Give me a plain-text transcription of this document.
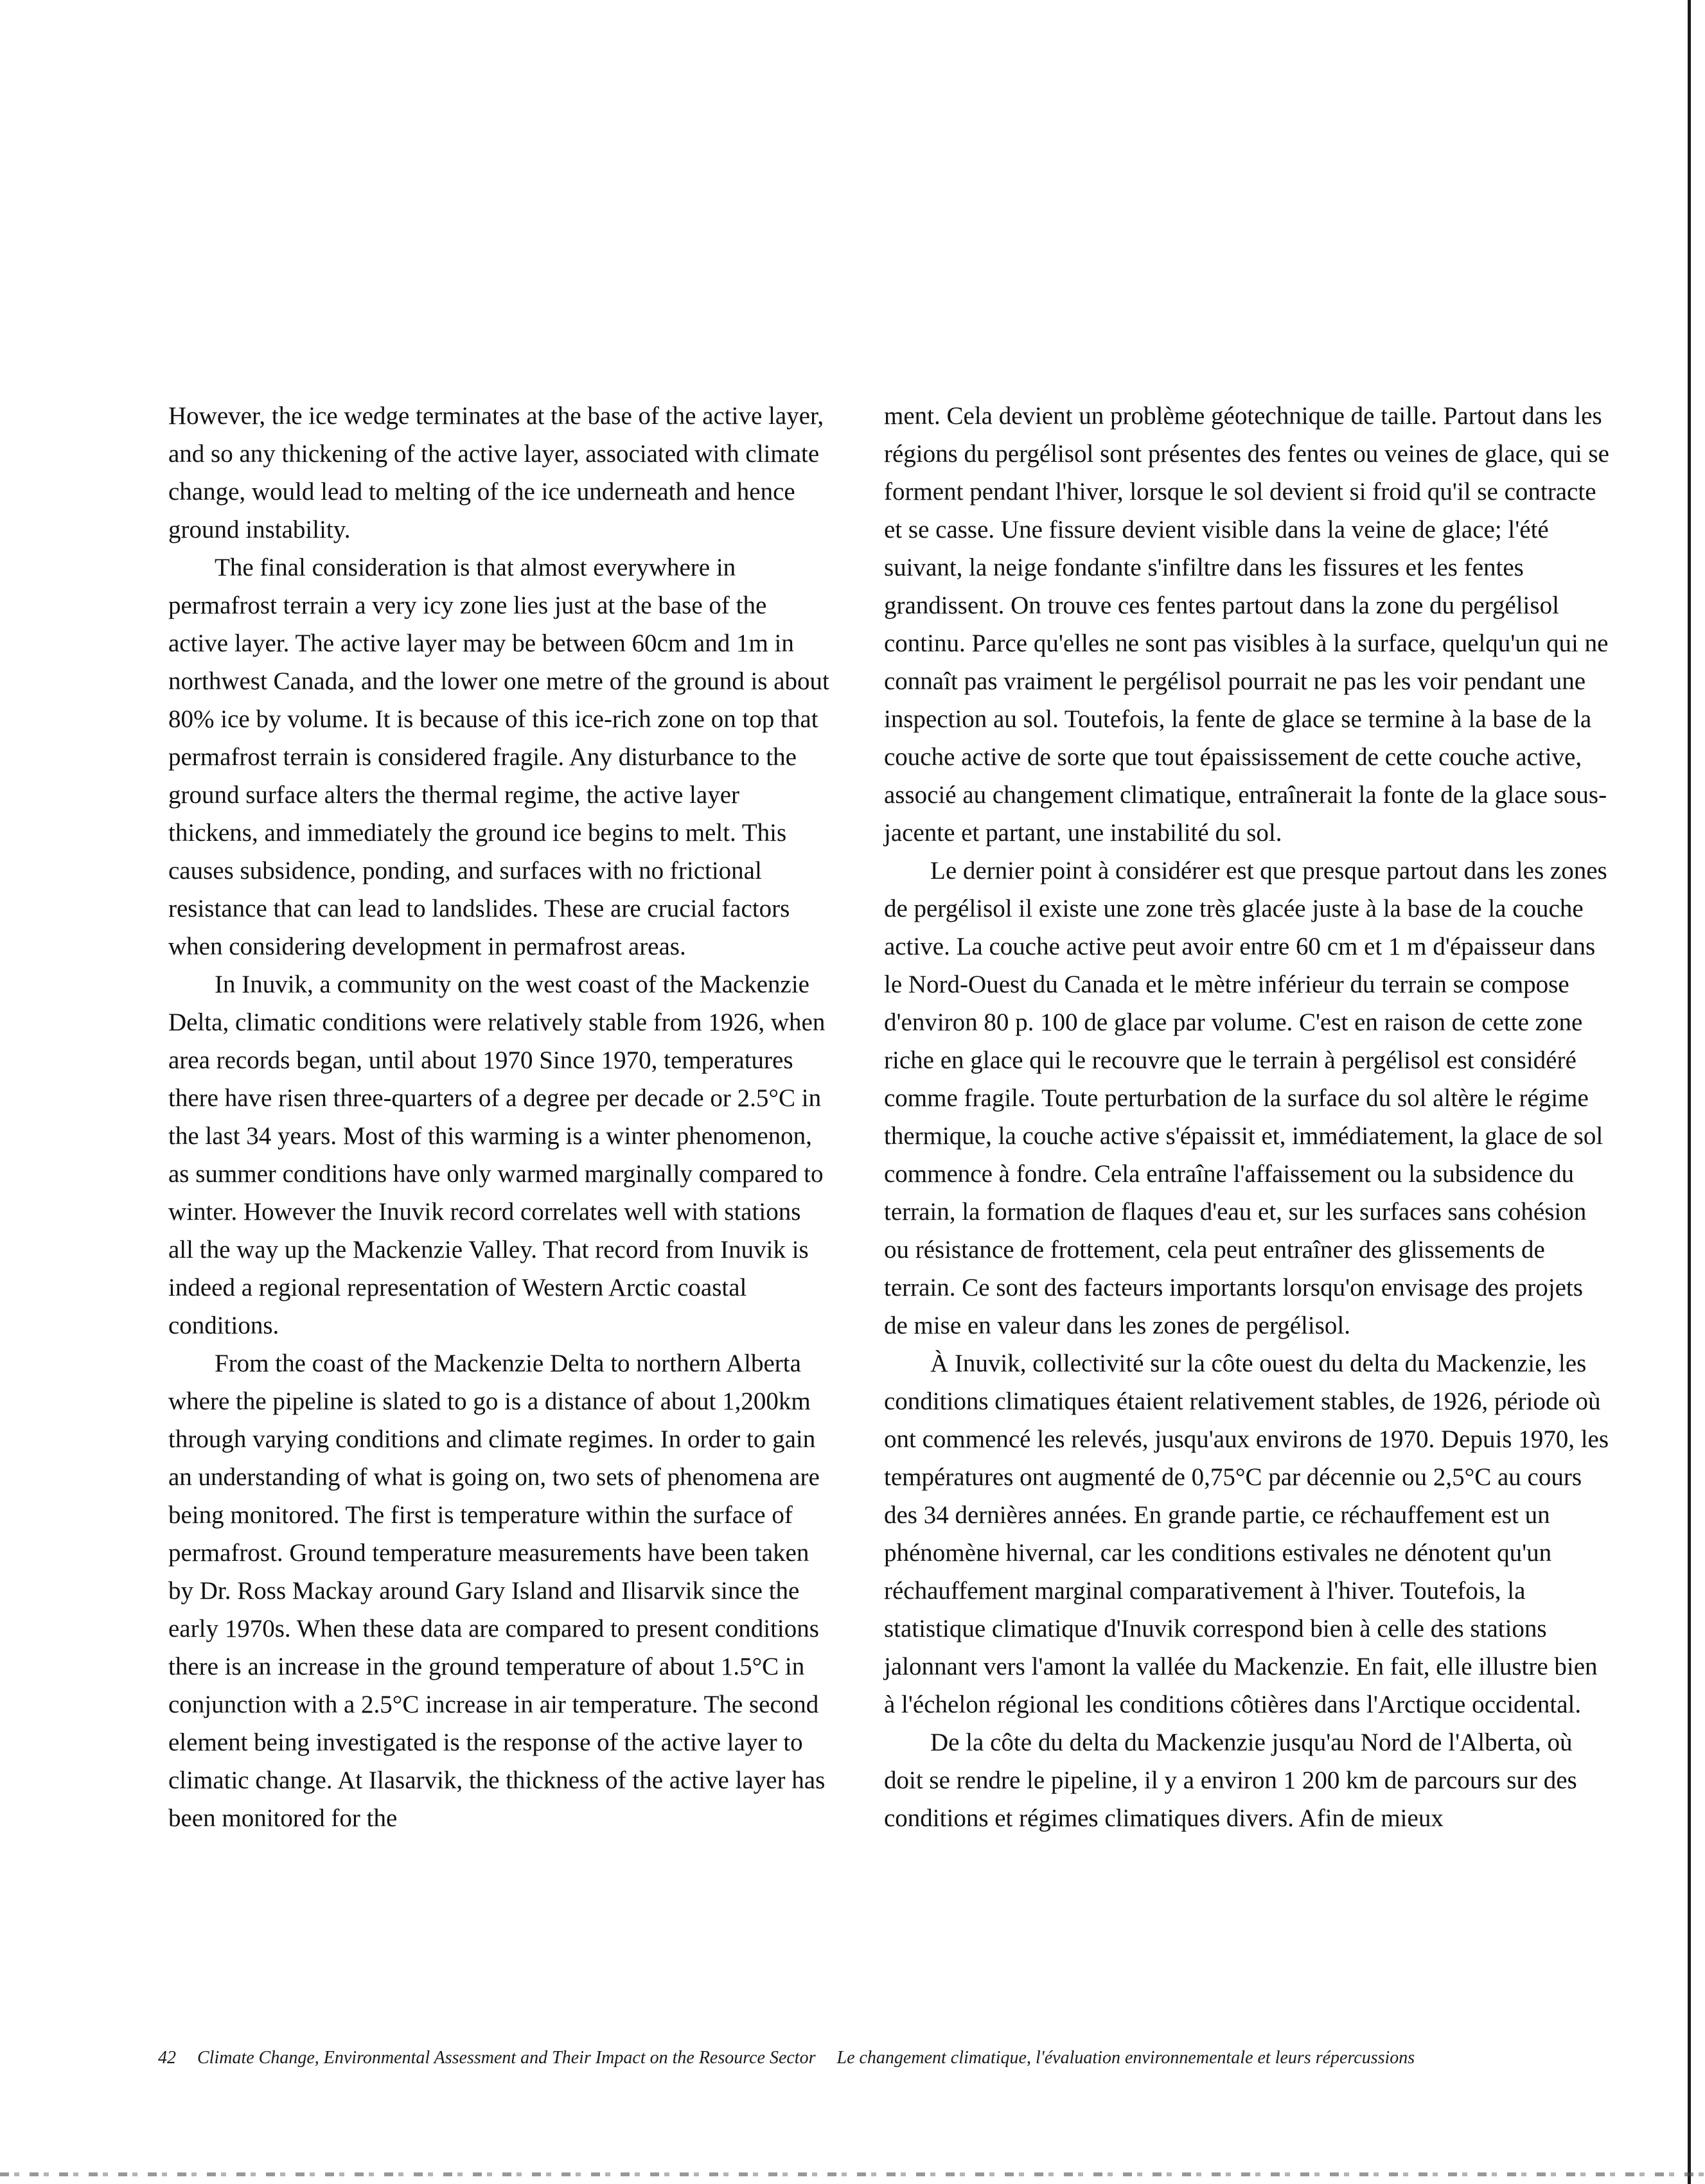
However, the ice wedge terminates at the base of the active layer, and so any thickening of the active layer, associated with climate change, would lead to melting of the ice underneath and hence ground instability.

The final consideration is that almost everywhere in permafrost terrain a very icy zone lies just at the base of the active layer. The active layer may be between 60cm and 1m in northwest Canada, and the lower one metre of the ground is about 80% ice by volume. It is because of this ice-rich zone on top that permafrost terrain is considered fragile. Any disturbance to the ground surface alters the thermal regime, the active layer thickens, and immediately the ground ice begins to melt. This causes subsidence, ponding, and surfaces with no frictional resistance that can lead to landslides. These are crucial factors when considering development in permafrost areas.

In Inuvik, a community on the west coast of the Mackenzie Delta, climatic conditions were relatively stable from 1926, when area records began, until about 1970 Since 1970, temperatures there have risen three-quarters of a degree per decade or 2.5°C in the last 34 years. Most of this warming is a winter phenomenon, as summer conditions have only warmed marginally compared to winter. However the Inuvik record correlates well with stations all the way up the Mackenzie Valley. That record from Inuvik is indeed a regional representation of Western Arctic coastal conditions.

From the coast of the Mackenzie Delta to northern Alberta where the pipeline is slated to go is a distance of about 1,200km through varying conditions and climate regimes. In order to gain an understanding of what is going on, two sets of phenomena are being monitored. The first is temperature within the surface of permafrost. Ground temperature measurements have been taken by Dr. Ross Mackay around Gary Island and Ilisarvik since the early 1970s. When these data are compared to present conditions there is an increase in the ground temperature of about 1.5°C in conjunction with a 2.5°C increase in air temperature. The second element being investigated is the response of the active layer to climatic change. At Ilasarvik, the thickness of the active layer has been monitored for the

ment. Cela devient un problème géotechnique de taille. Partout dans les régions du pergélisol sont présentes des fentes ou veines de glace, qui se forment pendant l'hiver, lorsque le sol devient si froid qu'il se contracte et se casse. Une fissure devient visible dans la veine de glace; l'été suivant, la neige fondante s'infiltre dans les fissures et les fentes grandissent. On trouve ces fentes partout dans la zone du pergélisol continu. Parce qu'elles ne sont pas visibles à la surface, quelqu'un qui ne connaît pas vraiment le pergélisol pourrait ne pas les voir pendant une inspection au sol. Toutefois, la fente de glace se termine à la base de la couche active de sorte que tout épaississement de cette couche active, associé au changement climatique, entraînerait la fonte de la glace sous-jacente et partant, une instabilité du sol.

Le dernier point à considérer est que presque partout dans les zones de pergélisol il existe une zone très glacée juste à la base de la couche active. La couche active peut avoir entre 60 cm et 1 m d'épaisseur dans le Nord-Ouest du Canada et le mètre inférieur du terrain se compose d'environ 80 p. 100 de glace par volume. C'est en raison de cette zone riche en glace qui le recouvre que le terrain à pergélisol est considéré comme fragile. Toute perturbation de la surface du sol altère le régime thermique, la couche active s'épaissit et, immédiatement, la glace de sol commence à fondre. Cela entraîne l'affaissement ou la subsidence du terrain, la formation de flaques d'eau et, sur les surfaces sans cohésion ou résistance de frottement, cela peut entraîner des glissements de terrain. Ce sont des facteurs importants lorsqu'on envisage des projets de mise en valeur dans les zones de pergélisol.

À Inuvik, collectivité sur la côte ouest du delta du Mackenzie, les conditions climatiques étaient relativement stables, de 1926, période où ont commencé les relevés, jusqu'aux environs de 1970. Depuis 1970, les températures ont augmenté de 0,75°C par décennie ou 2,5°C au cours des 34 dernières années. En grande partie, ce réchauffement est un phénomène hivernal, car les conditions estivales ne dénotent qu'un réchauffement marginal comparativement à l'hiver. Toutefois, la statistique climatique d'Inuvik correspond bien à celle des stations jalonnant vers l'amont la vallée du Mackenzie. En fait, elle illustre bien à l'échelon régional les conditions côtières dans l'Arctique occidental.

De la côte du delta du Mackenzie jusqu'au Nord de l'Alberta, où doit se rendre le pipeline, il y a environ 1 200 km de parcours sur des conditions et régimes climatiques divers. Afin de mieux

42 Climate Change, Environmental Assessment and Their Impact on the Resource Sector Le changement climatique, l'évaluation environnementale et leurs répercussions
